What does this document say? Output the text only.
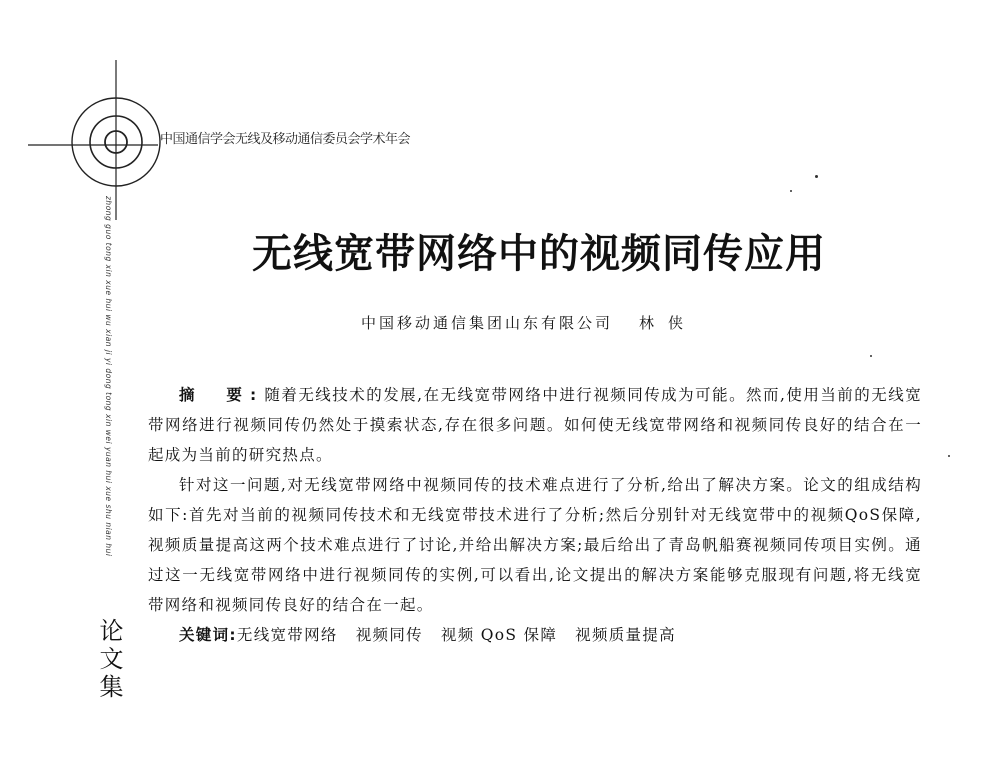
中国通信学会无线及移动通信委员会学术年会
zhong guo tong xin xue hui wu xian ji yi dong tong xin wei yuan hui xue shu nian hui
论文集
无线宽带网络中的视频同传应用
中国移动通信集团山东有限公司 林侠

摘　要:随着无线技术的发展,在无线宽带网络中进行视频同传成为可能。然而,使用当前的无线宽带网络进行视频同传仍然处于摸索状态,存在很多问题。如何使无线宽带网络和视频同传良好的结合在一起成为当前的研究热点。

针对这一问题,对无线宽带网络中视频同传的技术难点进行了分析,给出了解决方案。论文的组成结构如下:首先对当前的视频同传技术和无线宽带技术进行了分析;然后分别针对无线宽带中的视频QoS保障,视频质量提高这两个技术难点进行了讨论,并给出解决方案;最后给出了青岛帆船赛视频同传项目实例。通过这一无线宽带网络中进行视频同传的实例,可以看出,论文提出的解决方案能够克服现有问题,将无线宽带网络和视频同传良好的结合在一起。

关键词:无线宽带网络 视频同传 视频 QoS 保障 视频质量提高
